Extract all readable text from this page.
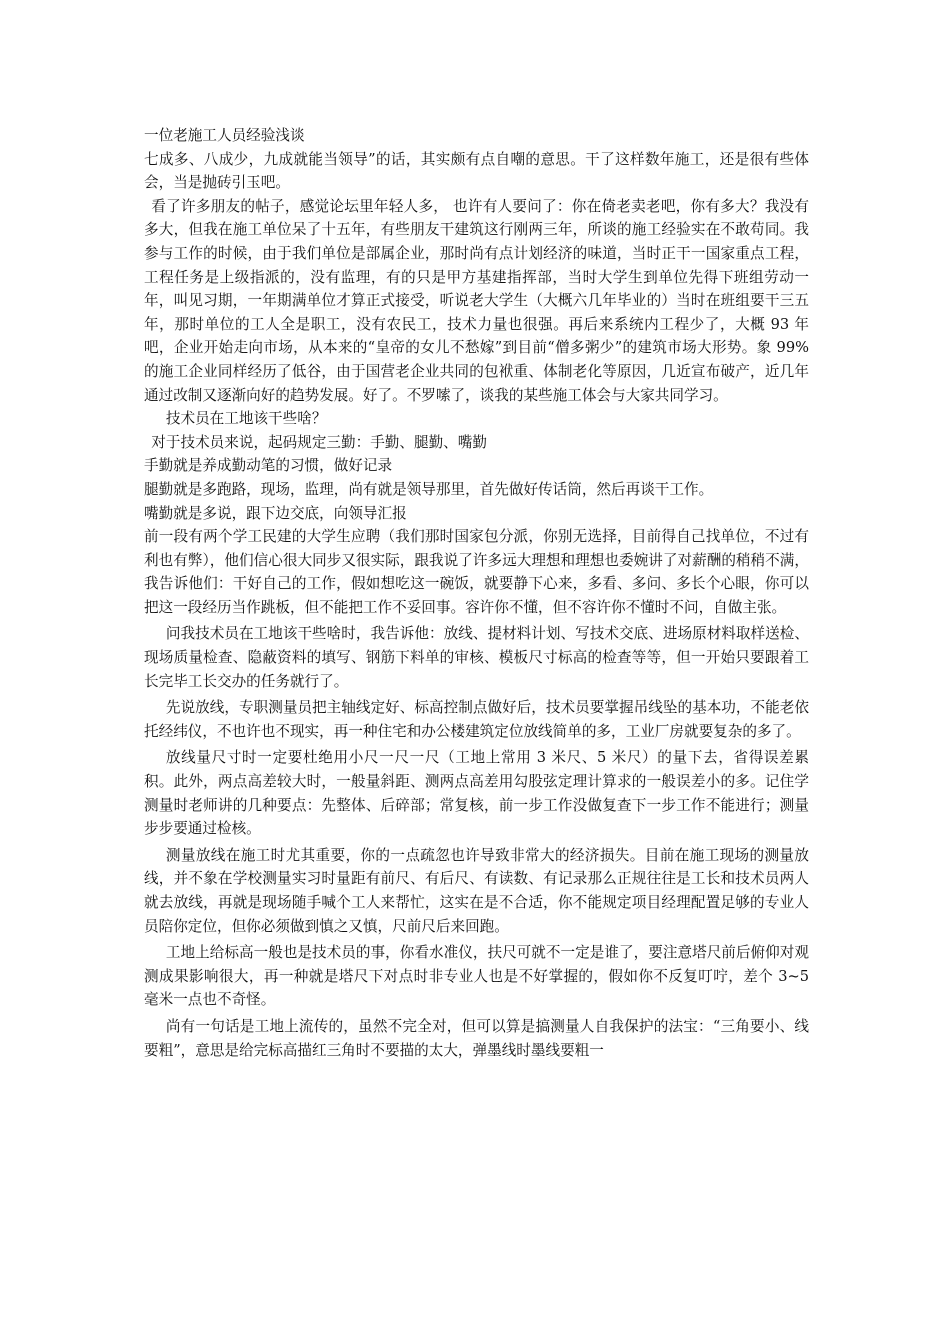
一位老施工人员经验浅谈

七成多、八成少，九成就能当领导”的话，其实颇有点自嘲的意思。干了这样数年施工，还是很有些体会，当是抛砖引玉吧。

看了许多朋友的帖子，感觉论坛里年轻人多， 也许有人要问了：你在倚老卖老吧，你有多大？我没有多大，但我在施工单位呆了十五年，有些朋友干建筑这行刚两三年，所谈的施工经验实在不敢苟同。我参与工作的时候，由于我们单位是部属企业，那时尚有点计划经济的味道，当时正干一国家重点工程，工程任务是上级指派的，没有监理，有的只是甲方基建指挥部，当时大学生到单位先得下班组劳动一年，叫见习期，一年期满单位才算正式接受，听说老大学生（大概六几年毕业的）当时在班组要干三五年，那时单位的工人全是职工，没有农民工，技术力量也很强。再后来系统内工程少了，大概 93 年吧，企业开始走向市场，从本来的“皇帝的女儿不愁嫁”到目前“僧多粥少”的建筑市场大形势。象 99%的施工企业同样经历了低谷，由于国营老企业共同的包袱重、体制老化等原因，几近宣布破产，近几年通过改制又逐渐向好的趋势发展。好了。不罗嗦了，谈我的某些施工体会与大家共同学习。

技术员在工地该干些啥？

对于技术员来说，起码规定三勤：手勤、腿勤、嘴勤

手勤就是养成勤动笔的习惯，做好记录

腿勤就是多跑路，现场，监理，尚有就是领导那里，首先做好传话筒，然后再谈干工作。

嘴勤就是多说，跟下边交底，向领导汇报

前一段有两个学工民建的大学生应聘（我们那时国家包分派，你别无选择，目前得自己找单位，不过有利也有弊），他们信心很大同步又很实际，跟我说了许多远大理想和理想也委婉讲了对薪酬的稍稍不满，我告诉他们：干好自己的工作，假如想吃这一碗饭，就要静下心来，多看、多问、多长个心眼，你可以把这一段经历当作跳板，但不能把工作不妥回事。容许你不懂，但不容许你不懂时不问，自做主张。

问我技术员在工地该干些啥时，我告诉他：放线、提材料计划、写技术交底、进场原材料取样送检、现场质量检查、隐蔽资料的填写、钢筋下料单的审核、模板尺寸标高的检查等等，但一开始只要跟着工长完毕工长交办的任务就行了。

先说放线，专职测量员把主轴线定好、标高控制点做好后，技术员要掌握吊线坠的基本功，不能老依托经纬仪，不也许也不现实，再一种住宅和办公楼建筑定位放线简单的多，工业厂房就要复杂的多了。

放线量尺寸时一定要杜绝用小尺一尺一尺（工地上常用 3 米尺、5 米尺）的量下去，省得误差累积。此外，两点高差较大时，一般量斜距、测两点高差用勾股弦定理计算求的一般误差小的多。记住学测量时老师讲的几种要点：先整体、后碎部；常复核，前一步工作没做复查下一步工作不能进行；测量步步要通过检核。

测量放线在施工时尤其重要，你的一点疏忽也许导致非常大的经济损失。目前在施工现场的测量放线，并不象在学校测量实习时量距有前尺、有后尺、有读数、有记录那么正规往往是工长和技术员两人就去放线，再就是现场随手喊个工人来帮忙，这实在是不合适，你不能规定项目经理配置足够的专业人员陪你定位，但你必须做到慎之又慎，尺前尺后来回跑。

工地上给标高一般也是技术员的事，你看水准仪，扶尺可就不一定是谁了，要注意塔尺前后俯仰对观测成果影响很大，再一种就是塔尺下对点时非专业人也是不好掌握的，假如你不反复叮咛，差个 3~5 毫米一点也不奇怪。

尚有一句话是工地上流传的，虽然不完全对，但可以算是搞测量人自我保护的法宝：“三角要小、线要粗”，意思是给完标高描红三角时不要描的太大，弹墨线时墨线要粗一
